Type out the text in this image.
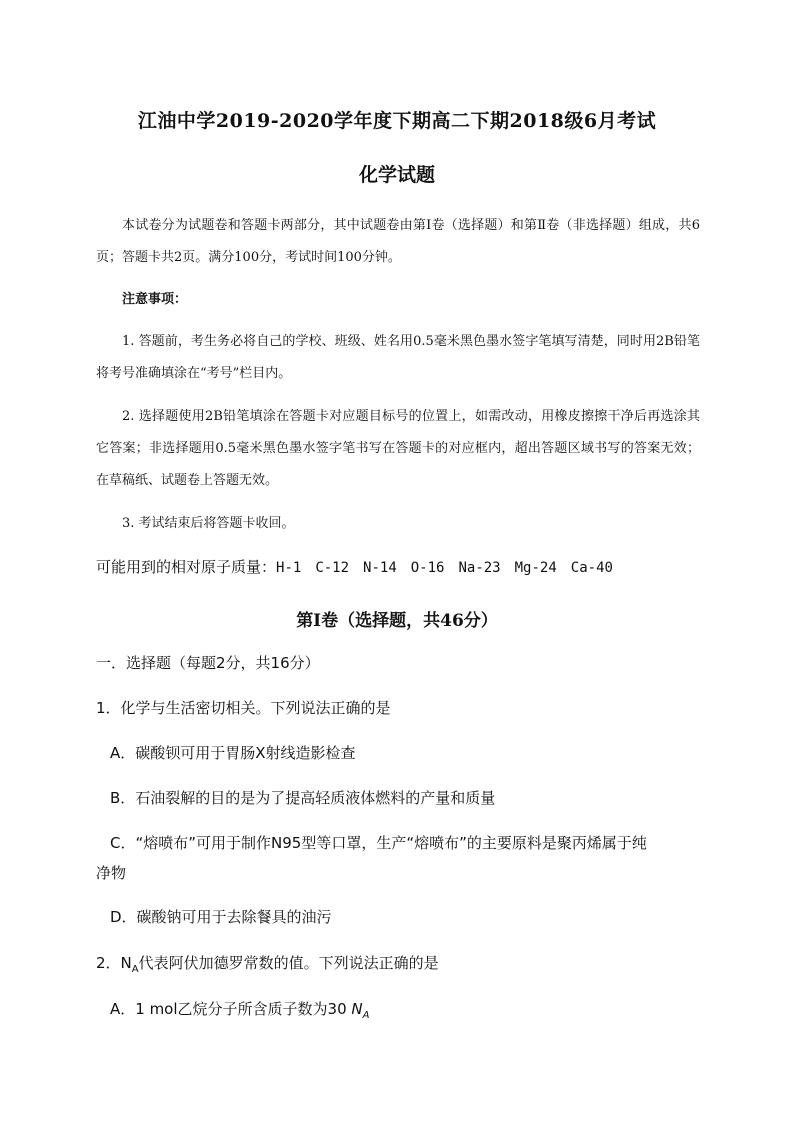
江油中学2019-2020学年度下期高二下期2018级6月考试
化学试题
本试卷分为试题卷和答题卡两部分，其中试题卷由第Ⅰ卷（选择题）和第Ⅱ卷（非选择题）组成，共6页；答题卡共2页。满分100分，考试时间100分钟。
注意事项：
1. 答题前，考生务必将自己的学校、班级、姓名用0.5毫米黑色墨水签字笔填写清楚，同时用2B铅笔将考号准确填涂在“考号”栏目内。
2. 选择题使用2B铅笔填涂在答题卡对应题目标号的位置上，如需改动，用橡皮擦擦干净后再选涂其它答案；非选择题用0.5毫米黑色墨水签字笔书写在答题卡的对应框内，超出答题区域书写的答案无效；在草稿纸、试题卷上答题无效。
3. 考试结束后将答题卡收回。
可能用到的相对原子质量：H-1 C-12 N-14 O-16 Na-23 Mg-24 Ca-40
第Ⅰ卷（选择题，共46分）
一．选择题（每题2分，共16分）
1．化学与生活密切相关。下列说法正确的是
A．碳酸钡可用于胃肠X射线造影检查
B．石油裂解的目的是为了提高轻质液体燃料的产量和质量
C．“熔喷布”可用于制作N95型等口罩，生产“熔喷布”的主要原料是聚丙烯属于纯
净物
D．碳酸钠可用于去除餐具的油污
2．$N_A$代表阿伏加德罗常数的值。下列说法正确的是
A．1 mol乙烷分子所含质子数为30 $N_A$
